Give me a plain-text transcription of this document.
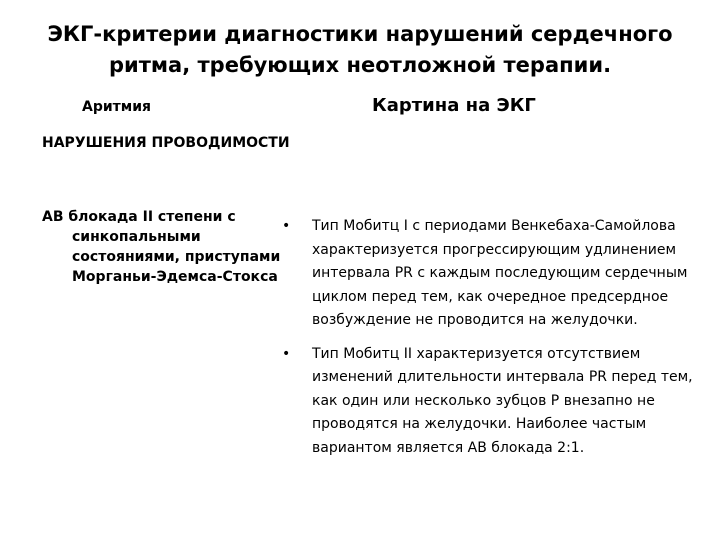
ЭКГ-критерии диагностики нарушений сердечного ритма, требующих неотложной терапии.
Аритмия	Картина на ЭКГ
НАРУШЕНИЯ ПРОВОДИМОСТИ
АВ блокада II степени с синкопальными состояниями, приступами Морганьи-Эдемса-Стокса
• Тип Мобитц I с периодами Венкебаха-Самойлова характеризуется прогрессирующим удлинением интервала PR с каждым последующим сердечным циклом перед тем, как очередное предсердное возбуждение не проводится на желудочки.
• Тип Мобитц II характеризуется отсутствием изменений длительности интервала PR перед тем, как один или несколько зубцов P внезапно не проводятся на желудочки. Наиболее частым вариантом является АВ блокада 2:1.
